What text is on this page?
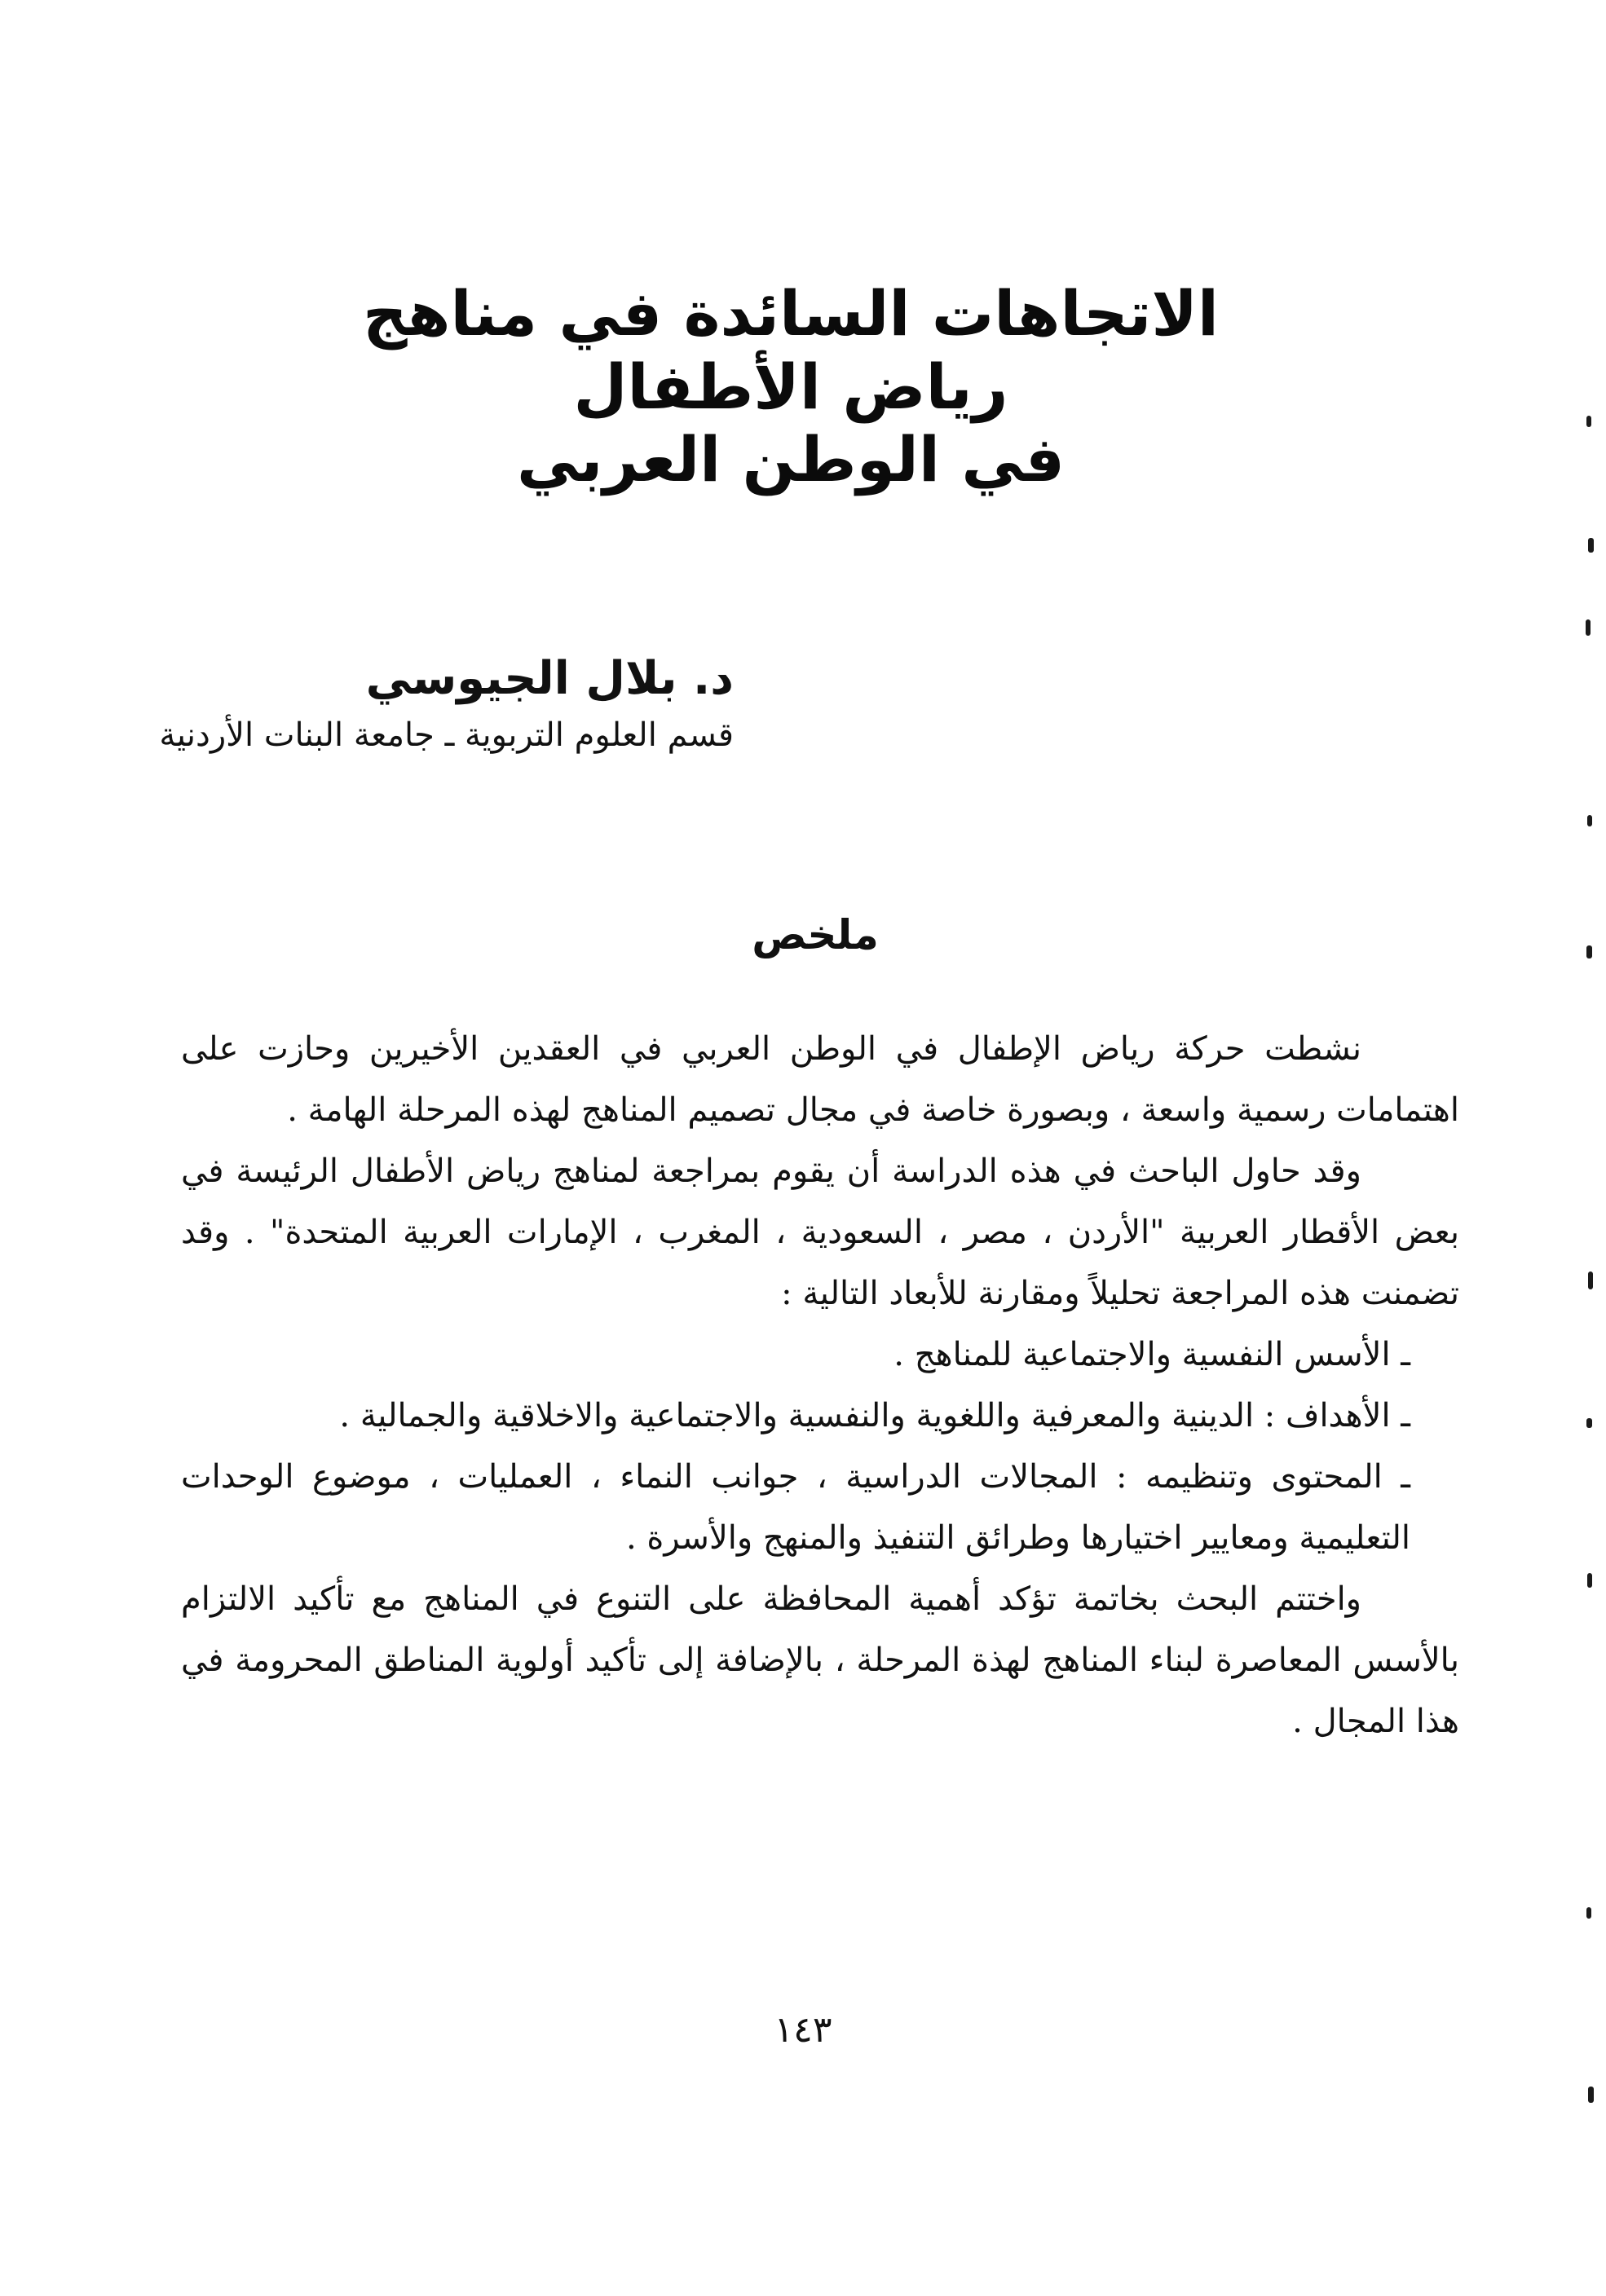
الاتجاهات السائدة في مناهج رياض الأطفال

في الوطن العربي

د. بلال الجيوسي

قسم العلوم التربوية ـ جامعة البنات الأردنية

ملخص

نشطت حركة رياض الإطفال في الوطن العربي في العقدين الأخيرين وحازت على اهتمامات رسمية واسعة ، وبصورة خاصة في مجال تصميم المناهج لهذه المرحلة الهامة .

وقد حاول الباحث في هذه الدراسة أن يقوم بمراجعة لمناهج رياض الأطفال الرئيسة في بعض الأقطار العربية "الأردن ، مصر ، السعودية ، المغرب ، الإمارات العربية المتحدة" . وقد تضمنت هذه المراجعة تحليلاً ومقارنة للأبعاد التالية :

ـ الأسس النفسية والاجتماعية للمناهج .

ـ الأهداف : الدينية والمعرفية واللغوية والنفسية والاجتماعية والاخلاقية والجمالية .

ـ المحتوى وتنظيمه : المجالات الدراسية ، جوانب النماء ، العمليات ، موضوع الوحدات التعليمية ومعايير اختيارها وطرائق التنفيذ والمنهج والأسرة .

واختتم البحث بخاتمة تؤكد أهمية المحافظة على التنوع في المناهج مع تأكيد الالتزام بالأسس المعاصرة لبناء المناهج لهذة المرحلة ، بالإضافة إلى تأكيد أولوية المناطق المحرومة في هذا المجال .

١٤٣
